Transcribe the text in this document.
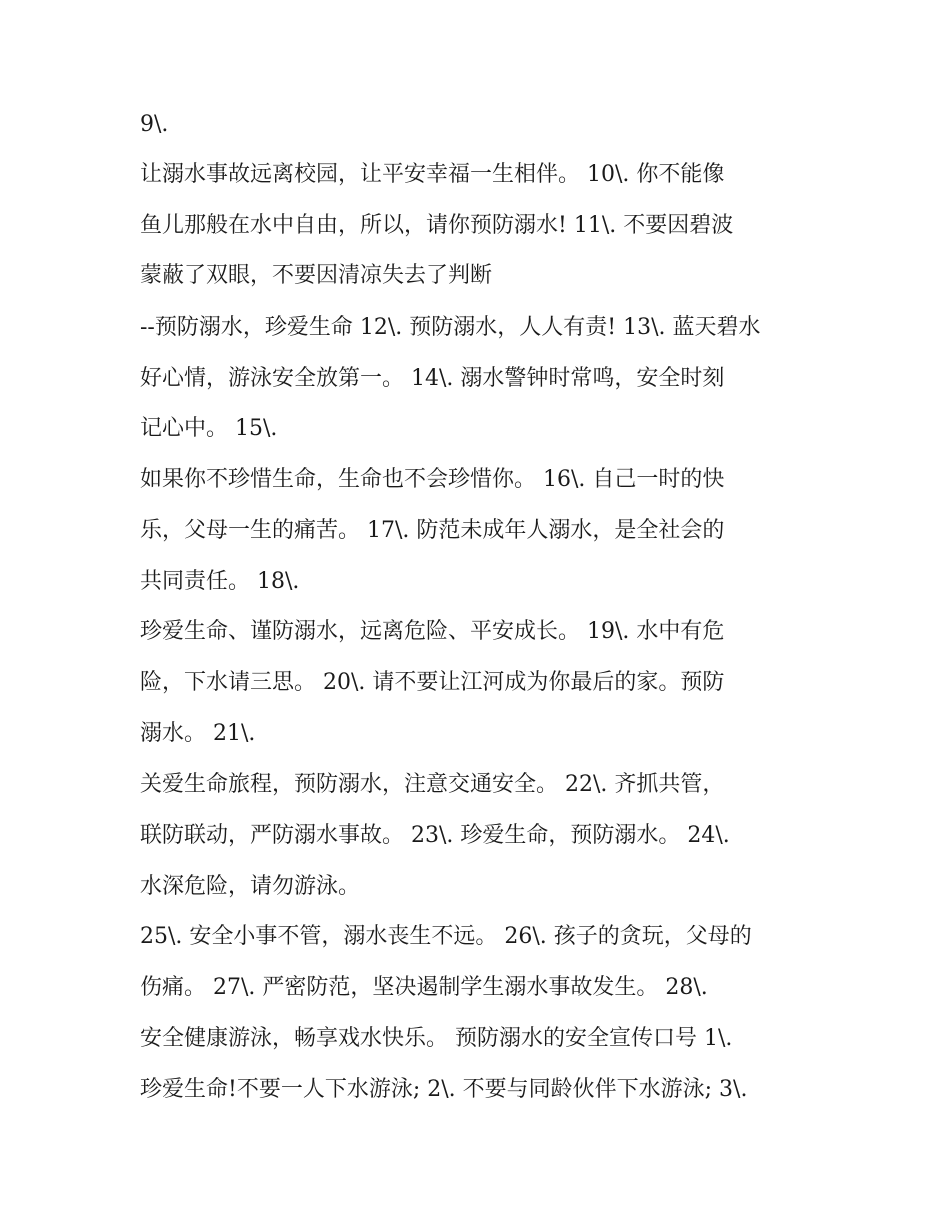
9\.
让溺水事故远离校园，让平安幸福一生相伴。 10\. 你不能像
鱼儿那般在水中自由，所以，请你预防溺水! 11\. 不要因碧波
蒙蔽了双眼，不要因清凉失去了判断
--预防溺水，珍爱生命 12\. 预防溺水，人人有责! 13\. 蓝天碧水
好心情，游泳安全放第一。 14\. 溺水警钟时常鸣，安全时刻
记心中。 15\.
如果你不珍惜生命，生命也不会珍惜你。 16\. 自己一时的快
乐，父母一生的痛苦。 17\. 防范未成年人溺水，是全社会的
共同责任。 18\.
珍爱生命、谨防溺水，远离危险、平安成长。 19\. 水中有危
险，下水请三思。 20\. 请不要让江河成为你最后的家。预防
溺水。 21\.
关爱生命旅程，预防溺水，注意交通安全。 22\. 齐抓共管，
联防联动，严防溺水事故。 23\. 珍爱生命，预防溺水。 24\.
水深危险，请勿游泳。
25\. 安全小事不管，溺水丧生不远。 26\. 孩子的贪玩，父母的
伤痛。 27\. 严密防范，坚决遏制学生溺水事故发生。 28\.
安全健康游泳，畅享戏水快乐。 预防溺水的安全宣传口号 1\.
珍爱生命!不要一人下水游泳; 2\. 不要与同龄伙伴下水游泳; 3\.
